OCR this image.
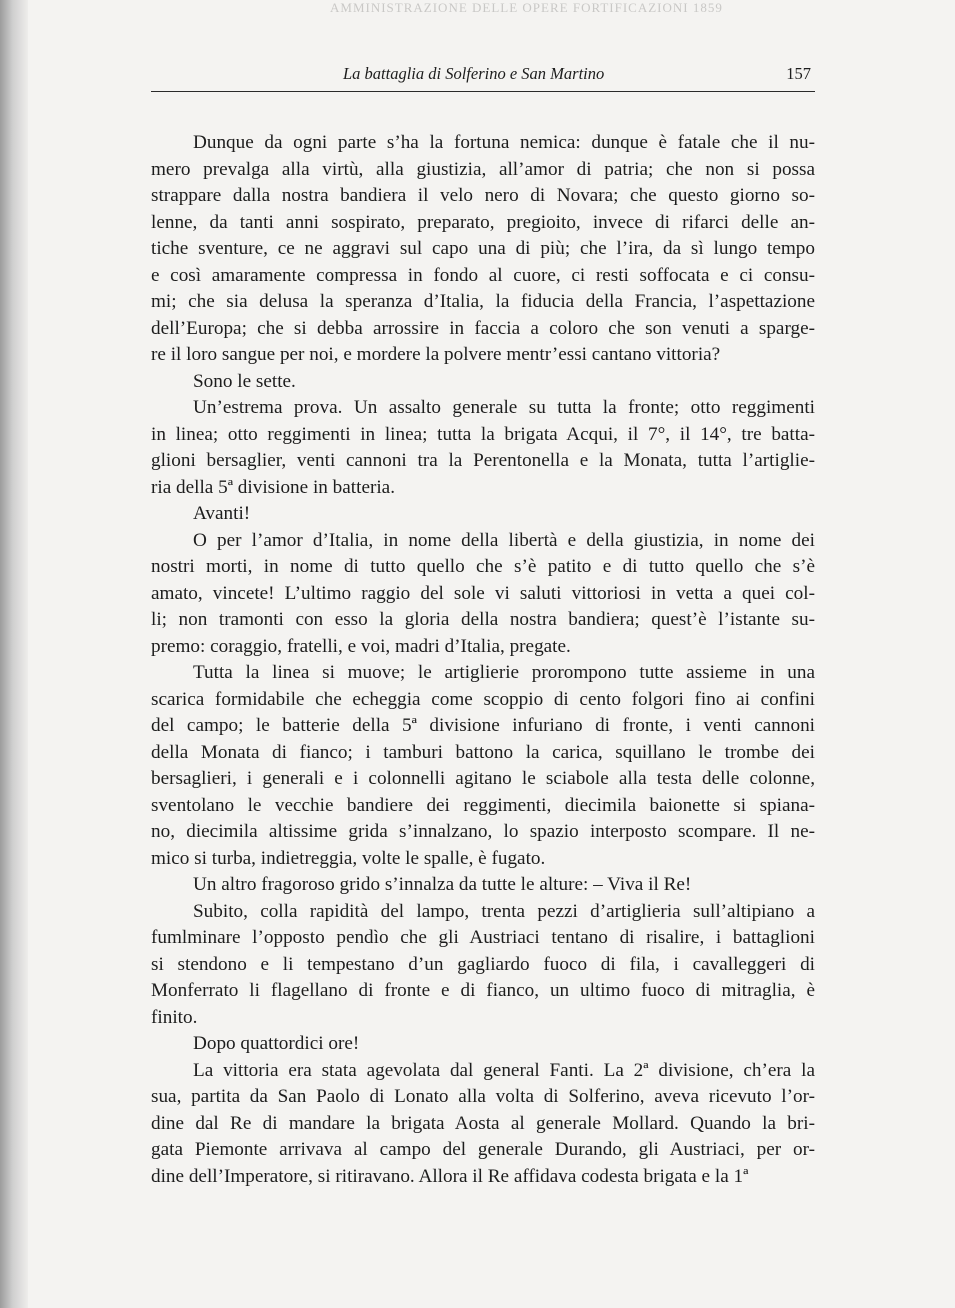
AMMINISTRAZIONE DELLE OPERE FORTIFICAZIONI 1859
La battaglia di Solferino e San Martino	157
Dunque da ogni parte s’ha la fortuna nemica: dunque è fatale che il nu-
mero prevalga alla virtù, alla giustizia, all’amor di patria; che non si possa
strappare dalla nostra bandiera il velo nero di Novara; che questo giorno so-
lenne, da tanti anni sospirato, preparato, pregioito, invece di rifarci delle an-
tiche sventure, ce ne aggravi sul capo una di più; che l’ira, da sì lungo tempo
e così amaramente compressa in fondo al cuore, ci resti soffocata e ci consu-
mi; che sia delusa la speranza d’Italia, la fiducia della Francia, l’aspettazione
dell’Europa; che si debba arrossire in faccia a coloro che son venuti a sparge-
re il loro sangue per noi, e mordere la polvere mentr’essi cantano vittoria?
Sono le sette.
Un’estrema prova. Un assalto generale su tutta la fronte; otto reggimenti
in linea; otto reggimenti in linea; tutta la brigata Acqui, il 7°, il 14°, tre batta-
glioni bersaglier, venti cannoni tra la Perentonella e la Monata, tutta l’artiglie-
ria della 5ª divisione in batteria.
Avanti!
O per l’amor d’Italia, in nome della libertà e della giustizia, in nome dei
nostri morti, in nome di tutto quello che s’è patito e di tutto quello che s’è
amato, vincete! L’ultimo raggio del sole vi saluti vittoriosi in vetta a quei col-
li; non tramonti con esso la gloria della nostra bandiera; quest’è l’istante su-
premo: coraggio, fratelli, e voi, madri d’Italia, pregate.
Tutta la linea si muove; le artiglierie prorompono tutte assieme in una
scarica formidabile che echeggia come scoppio di cento folgori fino ai confini
del campo; le batterie della 5ª divisione infuriano di fronte, i venti cannoni
della Monata di fianco; i tamburi battono la carica, squillano le trombe dei
bersaglieri, i generali e i colonnelli agitano le sciabole alla testa delle colonne,
sventolano le vecchie bandiere dei reggimenti, diecimila baionette si spiana-
no, diecimila altissime grida s’innalzano, lo spazio interposto scompare. Il ne-
mico si turba, indietreggia, volte le spalle, è fugato.
Un altro fragoroso grido s’innalza da tutte le alture: – Viva il Re!
Subito, colla rapidità del lampo, trenta pezzi d’artiglieria sull’altipiano a
fumlminare l’opposto pendìo che gli Austriaci tentano di risalire, i battaglioni
si stendono e li tempestano d’un gagliardo fuoco di fila, i cavalleggeri di
Monferrato li flagellano di fronte e di fianco, un ultimo fuoco di mitraglia, è
finito.
Dopo quattordici ore!
La vittoria era stata agevolata dal general Fanti. La 2ª divisione, ch’era la
sua, partita da San Paolo di Lonato alla volta di Solferino, aveva ricevuto l’or-
dine dal Re di mandare la brigata Aosta al generale Mollard. Quando la bri-
gata Piemonte arrivava al campo del generale Durando, gli Austriaci, per or-
dine dell’Imperatore, si ritiravano. Allora il Re affidava codesta brigata e la 1ª
